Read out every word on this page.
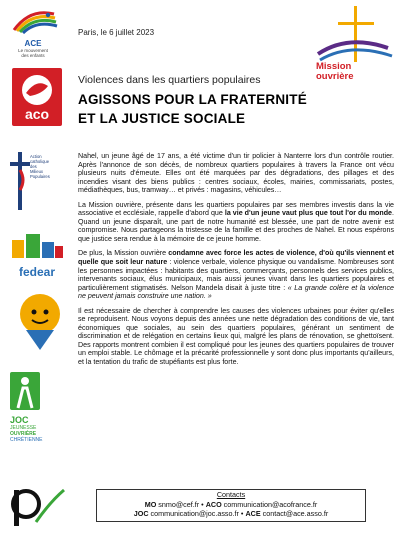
ACE
Le mouvement
des enfants
aco
Action
catholique
des
Milieux
Populaires
fedear
JOC
JEUNESSE
OUVRIÈRE
CHRÉTIENNE
Mission
ouvrière
Paris, le 6 juillet 2023
Violences dans les quartiers populaires
AGISSONS POUR LA FRATERNITÉ
ET LA JUSTICE SOCIALE

Nahel, un jeune âgé de 17 ans, a été victime d'un tir policier à Nanterre lors d'un contrôle routier. Après l'annonce de son décès, de nombreux quartiers populaires à travers la France ont vécu plusieurs nuits d'émeute. Elles ont été marquées par des dégradations, des pillages et des incendies visant des biens publics : centres sociaux, écoles, mairies, commissariats, postes, médiathèques, bus, tramway… et privés : magasins, véhicules…

La Mission ouvrière, présente dans les quartiers populaires par ses membres investis dans la vie associative et ecclésiale, rappelle d'abord que la vie d'un jeune vaut plus que tout l'or du monde. Quand un jeune disparaît, une part de notre humanité est blessée, une part de notre avenir est compromise. Nous partageons la tristesse de la famille et des proches de Nahel. Et nous espérons que justice sera rendue à la mémoire de ce jeune homme.

De plus, la Mission ouvrière condamne avec force les actes de violence, d'où qu'ils viennent et quelle que soit leur nature : violence verbale, violence physique ou vandalisme. Nombreuses sont les personnes impactées : habitants des quartiers, commerçants, personnels des services publics, intervenants sociaux, élus municipaux, mais aussi jeunes vivant dans les quartiers populaires et particulièrement stigmatisés. Nelson Mandela disait à juste titre : « La grande colère et la violence ne peuvent jamais construire une nation. »

Il est nécessaire de chercher à comprendre les causes des violences urbaines pour éviter qu'elles se reproduisent. Nous voyons depuis des années une nette dégradation des conditions de vie, tant économiques que sociales, au sein des quartiers populaires, générant un sentiment de discrimination et de relégation en certains lieux qui, malgré les plans de rénovation, se ghettoïsent. Des rapports montrent combien il est compliqué pour les jeunes des quartiers populaires de trouver un emploi stable. Le chômage et la précarité professionnelle y sont donc plus importants qu'ailleurs, et la tentation du trafic de stupéfiants est plus forte.

Contacts
MO snmo@cef.fr • ACO communication@acofrance.fr
JOC communication@joc.asso.fr • ACE contact@ace.asso.fr
